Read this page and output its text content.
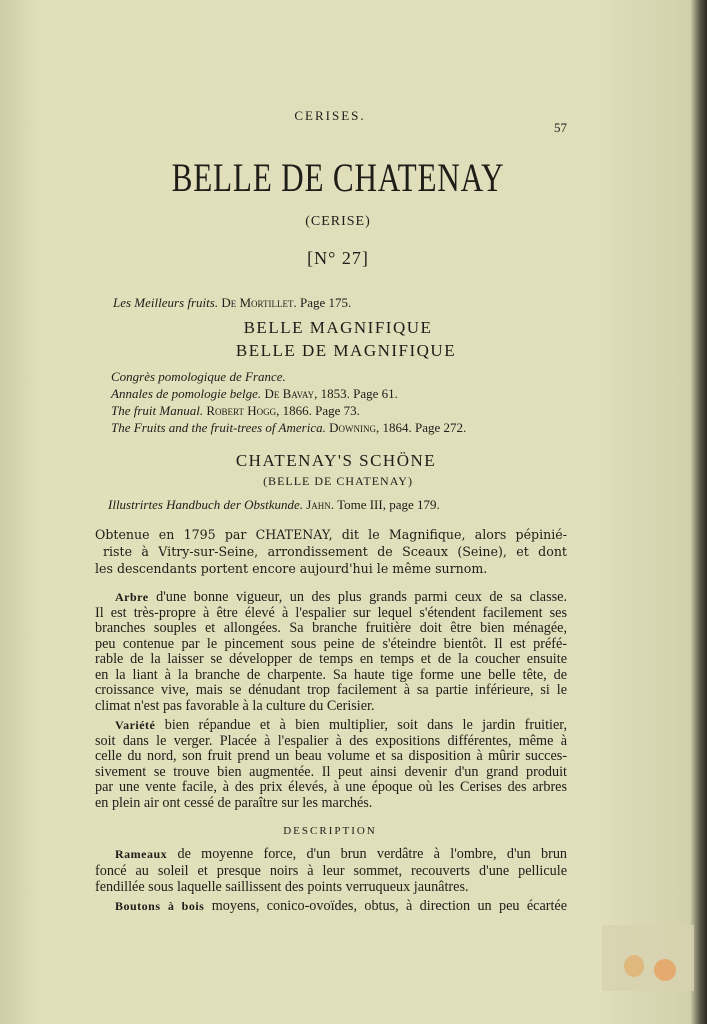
CERISES.
57
BELLE DE CHATENAY
(CERISE)
[N° 27]
Les Meilleurs fruits. De Mortillet. Page 175.
BELLE MAGNIFIQUE
BELLE DE MAGNIFIQUE
Congrès pomologique de France.
Annales de pomologie belge. De Bavay, 1853. Page 61.
The fruit Manual. Robert Hogg, 1866. Page 73.
The Fruits and the fruit-trees of America. Downing, 1864. Page 272.
CHATENAY'S SCHÖNE
(BELLE DE CHATENAY)
Illustrirtes Handbuch der Obstkunde. Jahn. Tome III, page 179.
Obtenue en 1795 par CHATENAY, dit le Magnifique, alors pépinié-
riste à Vitry-sur-Seine, arrondissement de Sceaux (Seine), et dont
les descendants portent encore aujourd'hui le même surnom.
Arbre d'une bonne vigueur, un des plus grands parmi ceux de sa classe.
Il est très-propre à être élevé à l'espalier sur lequel s'étendent facilement ses
branches souples et allongées. Sa branche fruitière doit être bien ménagée,
peu contenue par le pincement sous peine de s'éteindre bientôt. Il est préfé-
rable de la laisser se développer de temps en temps et de la coucher ensuite
en la liant à la branche de charpente. Sa haute tige forme une belle tête, de
croissance vive, mais se dénudant trop facilement à sa partie inférieure, si le
climat n'est pas favorable à la culture du Cerisier.
Variété bien répandue et à bien multiplier, soit dans le jardin fruitier,
soit dans le verger. Placée à l'espalier à des expositions différentes, même à
celle du nord, son fruit prend un beau volume et sa disposition à mûrir succes-
sivement se trouve bien augmentée. Il peut ainsi devenir d'un grand produit
par une vente facile, à des prix élevés, à une époque où les Cerises des arbres
en plein air ont cessé de paraître sur les marchés.
DESCRIPTION
Rameaux de moyenne force, d'un brun verdâtre à l'ombre, d'un brun
foncé au soleil et presque noirs à leur sommet, recouverts d'une pellicule
fendillée sous laquelle saillissent des points verruqueux jaunâtres.
Boutons à bois moyens, conico-ovoïdes, obtus, à direction un peu écartée
